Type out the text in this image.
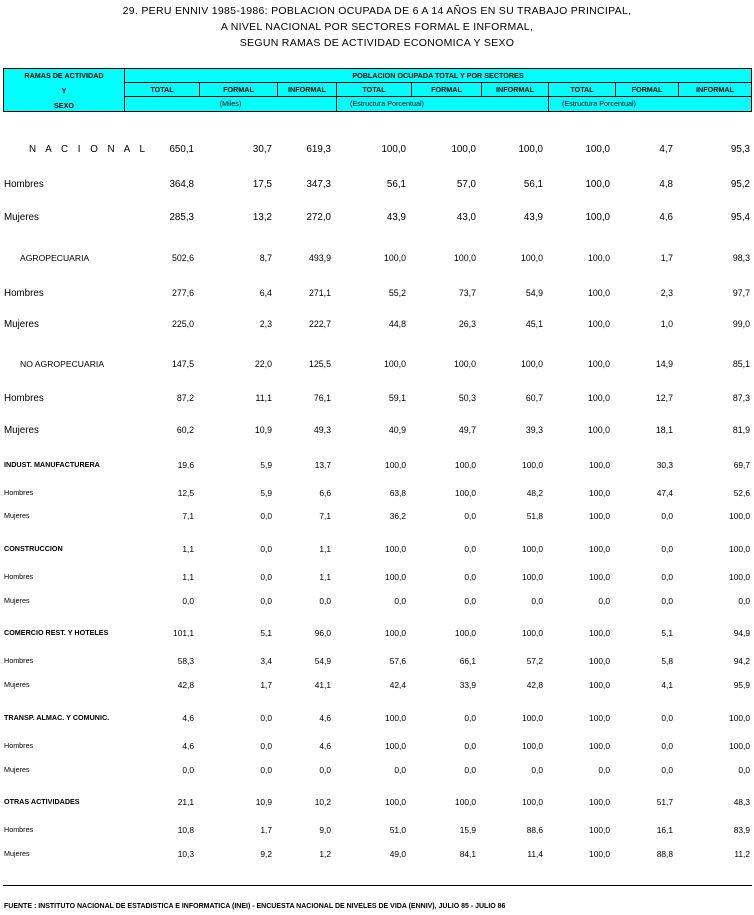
29. PERU ENNIV 1985-1986: POBLACION OCUPADA DE 6 A 14 AÑOS EN SU TRABAJO PRINCIPAL,
A NIVEL NACIONAL POR SECTORES FORMAL E INFORMAL,
SEGUN RAMAS DE ACTIVIDAD ECONOMICA Y SEXO
RAMAS DE ACTIVIDAD
Y
SEXO
POBLACION OCUPADA TOTAL Y POR SECTORES
TOTAL	FORMAL	INFORMAL	TOTAL	FORMAL	INFORMAL	TOTAL	FORMAL	INFORMAL
(Miles)	(Estructura Porcentual)	(Estructura Porcentual)
N A C I O N A L	650,1	30,7	619,3	100,0	100,0	100,0	100,0	4,7	95,3
Hombres	364,8	17,5	347,3	56,1	57,0	56,1	100,0	4,8	95,2
Mujeres	285,3	13,2	272,0	43,9	43,0	43,9	100,0	4,6	95,4
AGROPECUARIA	502,6	8,7	493,9	100,0	100,0	100,0	100,0	1,7	98,3
Hombres	277,6	6,4	271,1	55,2	73,7	54,9	100,0	2,3	97,7
Mujeres	225,0	2,3	222,7	44,8	26,3	45,1	100,0	1,0	99,0
NO AGROPECUARIA	147,5	22,0	125,5	100,0	100,0	100,0	100,0	14,9	85,1
Hombres	87,2	11,1	76,1	59,1	50,3	60,7	100,0	12,7	87,3
Mujeres	60,2	10,9	49,3	40,9	49,7	39,3	100,0	18,1	81,9
INDUST. MANUFACTURERA	19,6	5,9	13,7	100,0	100,0	100,0	100,0	30,3	69,7
Hombres	12,5	5,9	6,6	63,8	100,0	48,2	100,0	47,4	52,6
Mujeres	7,1	0,0	7,1	36,2	0,0	51,8	100,0	0,0	100,0
CONSTRUCCION	1,1	0,0	1,1	100,0	0,0	100,0	100,0	0,0	100,0
Hombres	1,1	0,0	1,1	100,0	0,0	100,0	100,0	0,0	100,0
Mujeres	0,0	0,0	0,0	0,0	0,0	0,0	0,0	0,0	0,0
COMERCIO REST. Y HOTELES	101,1	5,1	96,0	100,0	100,0	100,0	100,0	5,1	94,9
Hombres	58,3	3,4	54,9	57,6	66,1	57,2	100,0	5,8	94,2
Mujeres	42,8	1,7	41,1	42,4	33,9	42,8	100,0	4,1	95,9
TRANSP. ALMAC. Y COMUNIC.	4,6	0,0	4,6	100,0	0,0	100,0	100,0	0,0	100,0
Hombres	4,6	0,0	4,6	100,0	0,0	100,0	100,0	0,0	100,0
Mujeres	0,0	0,0	0,0	0,0	0,0	0,0	0,0	0,0	0,0
OTRAS ACTIVIDADES	21,1	10,9	10,2	100,0	100,0	100,0	100,0	51,7	48,3
Hombres	10,8	1,7	9,0	51,0	15,9	88,6	100,0	16,1	83,9
Mujeres	10,3	9,2	1,2	49,0	84,1	11,4	100,0	88,8	11,2
FUENTE : INSTITUTO NACIONAL DE ESTADISTICA E INFORMATICA (INEI) - ENCUESTA NACIONAL DE NIVELES DE VIDA (ENNIV), JULIO 85 - JULIO 86
